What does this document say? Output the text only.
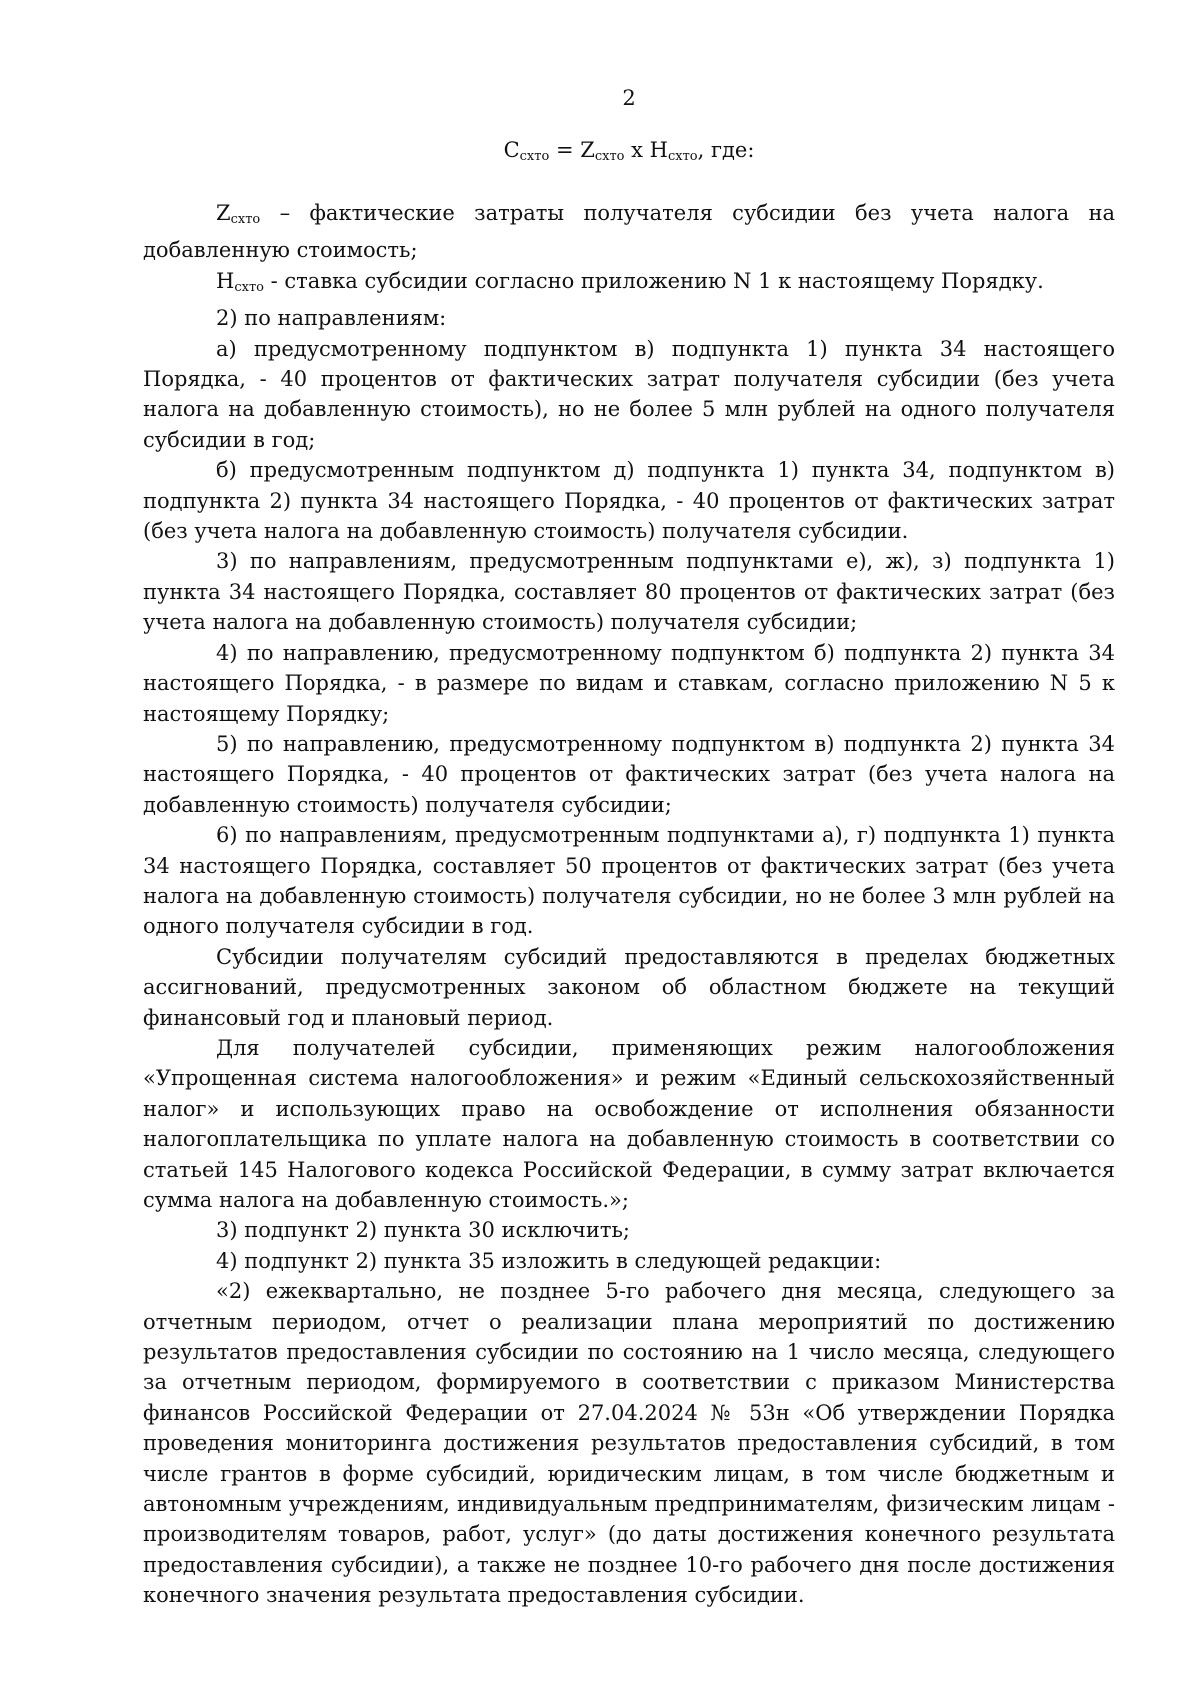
2
$C_{схто} = Z_{схто}$ х $H_{схто}$, где:

$Z_{схто}$ – фактические затраты получателя субсидии без учета налога на добавленную стоимость;

$H_{схто}$ - ставка субсидии согласно приложению N 1 к настоящему Порядку.

2) по направлениям:

а) предусмотренному подпунктом в) подпункта 1) пункта 34 настоящего Порядка, - 40 процентов от фактических затрат получателя субсидии (без учета налога на добавленную стоимость), но не более 5 млн рублей на одного получателя субсидии в год;

б) предусмотренным подпунктом д) подпункта 1) пункта 34, подпунктом в) подпункта 2) пункта 34 настоящего Порядка, - 40 процентов от фактических затрат (без учета налога на добавленную стоимость) получателя субсидии.

3) по направлениям, предусмотренным подпунктами е), ж), з) подпункта 1) пункта 34 настоящего Порядка, составляет 80 процентов от фактических затрат (без учета налога на добавленную стоимость) получателя субсидии;

4) по направлению, предусмотренному подпунктом б) подпункта 2) пункта 34 настоящего Порядка, - в размере по видам и ставкам, согласно приложению N 5 к настоящему Порядку;

5) по направлению, предусмотренному подпунктом в) подпункта 2) пункта 34 настоящего Порядка, - 40 процентов от фактических затрат (без учета налога на добавленную стоимость) получателя субсидии;

6) по направлениям, предусмотренным подпунктами а), г) подпункта 1) пункта 34 настоящего Порядка, составляет 50 процентов от фактических затрат (без учета налога на добавленную стоимость) получателя субсидии, но не более 3 млн рублей на одного получателя субсидии в год.

Субсидии получателям субсидий предоставляются в пределах бюджетных ассигнований, предусмотренных законом об областном бюджете на текущий финансовый год и плановый период.

Для получателей субсидии, применяющих режим налогообложения «Упрощенная система налогообложения» и режим «Единый сельскохозяйственный налог» и использующих право на освобождение от исполнения обязанности налогоплательщика по уплате налога на добавленную стоимость в соответствии со статьей 145 Налогового кодекса Российской Федерации, в сумму затрат включается сумма налога на добавленную стоимость.»;

3) подпункт 2) пункта 30 исключить;

4) подпункт 2) пункта 35 изложить в следующей редакции:

«2) ежеквартально, не позднее 5-го рабочего дня месяца, следующего за отчетным периодом, отчет о реализации плана мероприятий по достижению результатов предоставления субсидии по состоянию на 1 число месяца, следующего за отчетным периодом, формируемого в соответствии с приказом Министерства финансов Российской Федерации от 27.04.2024 № 53н «Об утверждении Порядка проведения мониторинга достижения результатов предоставления субсидий, в том числе грантов в форме субсидий, юридическим лицам, в том числе бюджетным и автономным учреждениям, индивидуальным предпринимателям, физическим лицам - производителям товаров, работ, услуг» (до даты достижения конечного результата предоставления субсидии), а также не позднее 10-го рабочего дня после достижения конечного значения результата предоставления субсидии.
